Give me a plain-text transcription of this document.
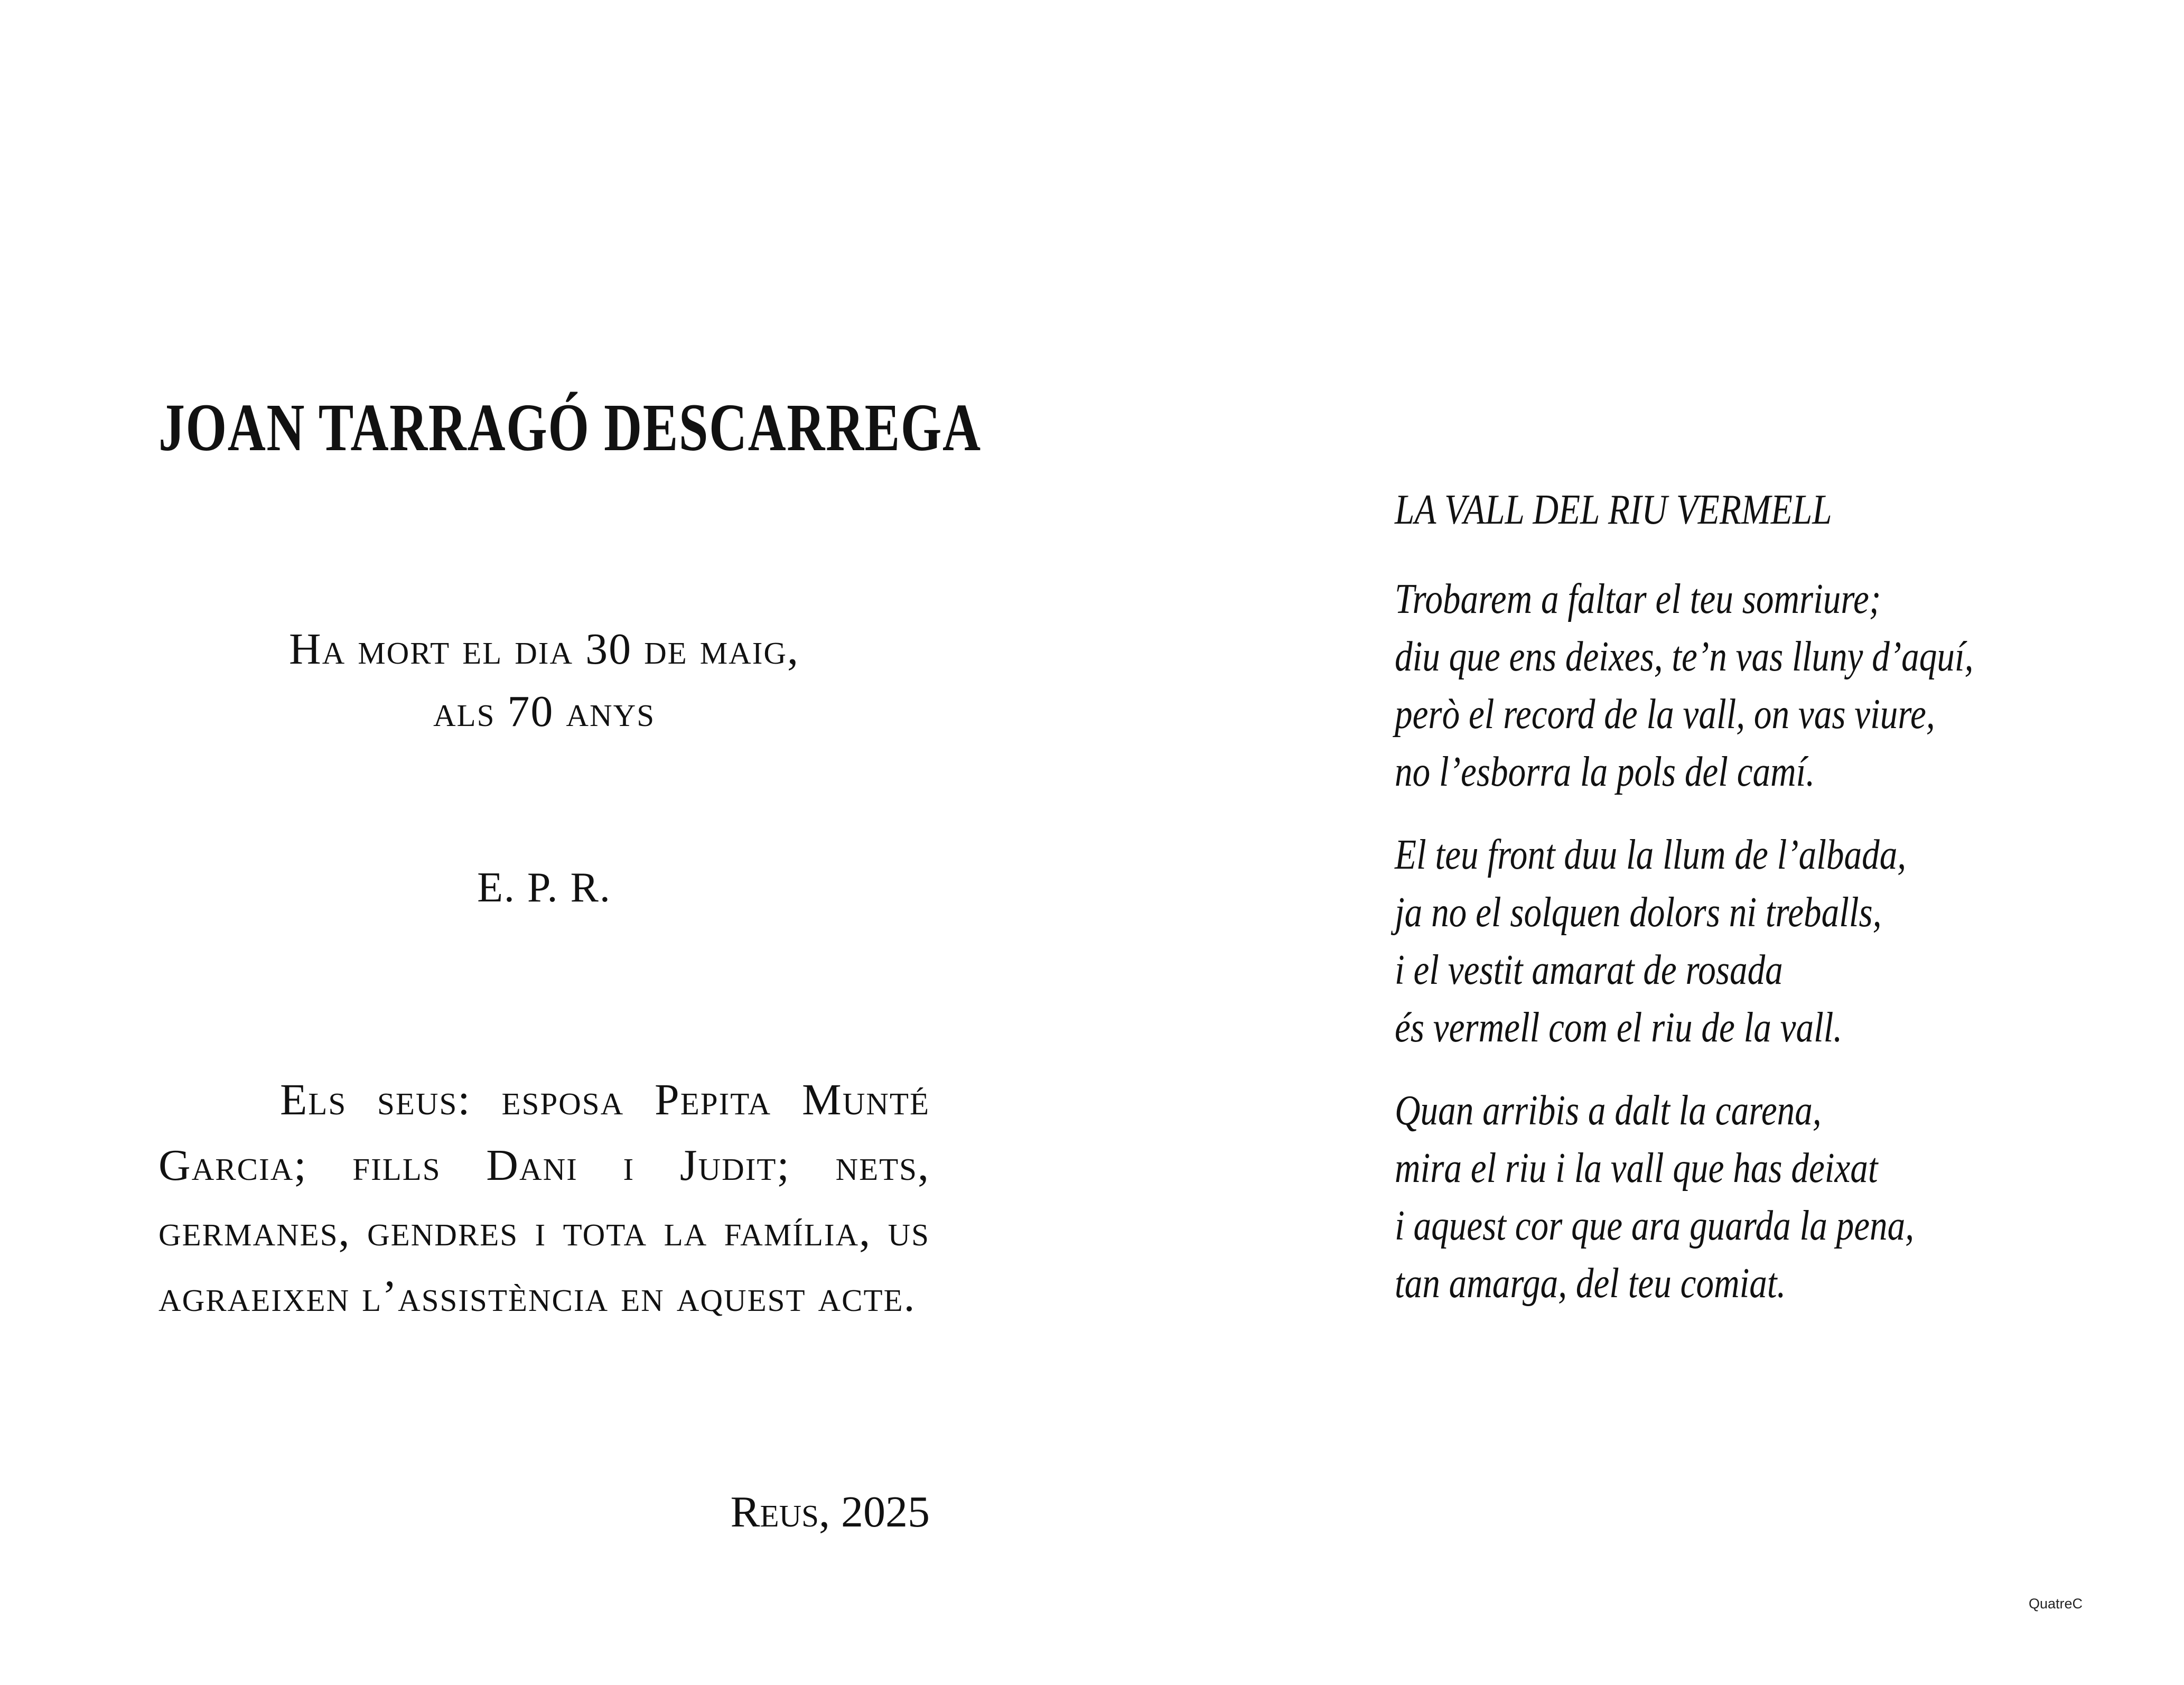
JOAN TARRAGÓ DESCARREGA
Ha mort el dia 30 de maig,
als 70 anys
E. P. R.

Els seus: esposa Pepita Munté Garcia; fills Dani i Judit; nets, germanes, gendres i tota la família, us agraeixen l’assistència en aquest acte.

Reus, 2025
LA VALL DEL RIU VERMELL
Trobarem a faltar el teu somriure;
diu que ens deixes, te’n vas lluny d’aquí,
però el record de la vall, on vas viure,
no l’esborra la pols del camí.
El teu front duu la llum de l’albada,
ja no el solquen dolors ni treballs,
i el vestit amarat de rosada
és vermell com el riu de la vall.
Quan arribis a dalt la carena,
mira el riu i la vall que has deixat
i aquest cor que ara guarda la pena,
tan amarga, del teu comiat.
QuatreC
